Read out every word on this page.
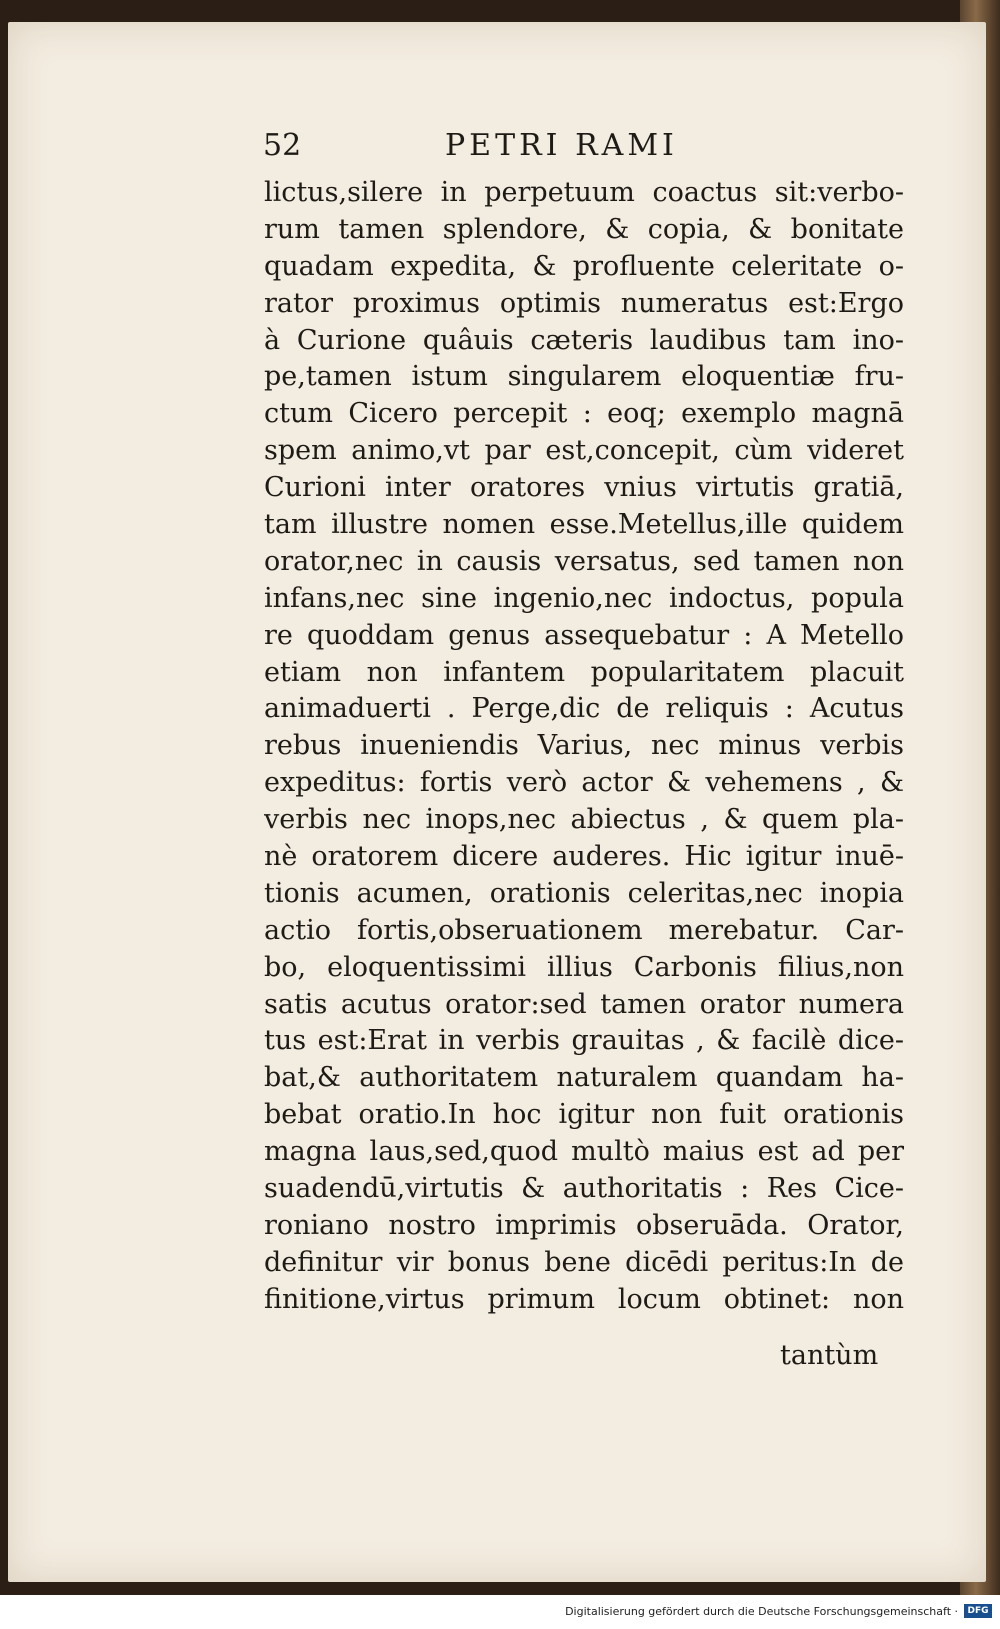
52	PETRI RAMI
lictus,silere in perpetuum coactus sit:verbo-
rum tamen splendore, & copia, & bonitate
quadam expedita, & profluente celeritate o-
rator proximus optimis numeratus est:Ergo
à Curione quâuis cæteris laudibus tam ino-
pe,tamen istum singularem eloquentiæ fru-
ctum Cicero percepit : eoq; exemplo magnā
spem animo,vt par est,concepit, cùm videret
Curioni inter oratores vnius virtutis gratiā,
tam illustre nomen esse.Metellus,ille quidem
orator,nec in causis versatus, sed tamen non
infans,nec sine ingenio,nec indoctus, popula
re quoddam genus assequebatur : A Metello
etiam non infantem popularitatem placuit
animaduerti . Perge,dic de reliquis : Acutus
rebus inueniendis Varius, nec minus verbis
expeditus: fortis verò actor & vehemens , &
verbis nec inops,nec abiectus , & quem pla-
nè oratorem dicere auderes. Hic igitur inuē-
tionis acumen, orationis celeritas,nec inopia
actio fortis,obseruationem merebatur. Car-
bo, eloquentissimi illius Carbonis filius,non
satis acutus orator:sed tamen orator numera
tus est:Erat in verbis grauitas , & facilè dice-
bat,& authoritatem naturalem quandam ha-
bebat oratio.In hoc igitur non fuit orationis
magna laus,sed,quod multò maius est ad per
suadendū,virtutis & authoritatis : Res Cice-
roniano nostro imprimis obseruāda. Orator,
definitur vir bonus bene dicēdi peritus:In de
finitione,virtus primum locum obtinet: non
tantùm
Digitalisierung gefördert durch die Deutsche Forschungsgemeinschaft ·	DFG
